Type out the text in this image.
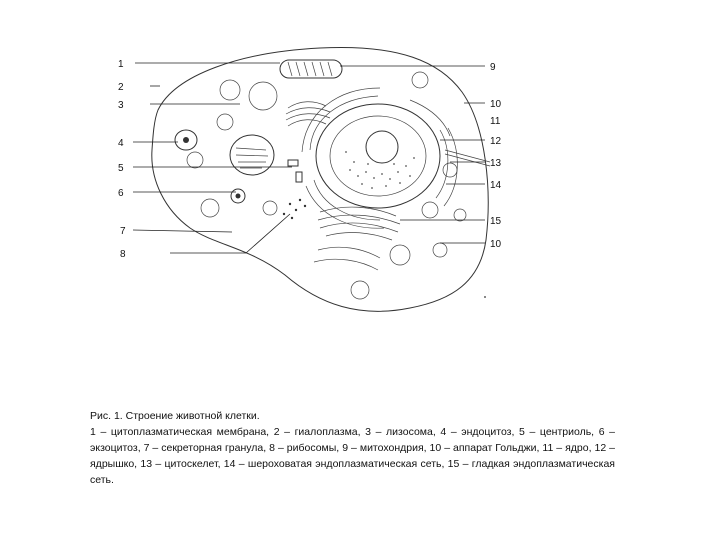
1
2
3
4
5
6
7
8
9
10
11
12
13
14
15
10
Рис. 1. Строение животной клетки.
1 – цитоплазматическая мембрана, 2 – гиалоплазма, 3 – лизосома, 4 – эндоцитоз, 5 – центриоль, 6 – экзоцитоз, 7 – секреторная гранула, 8 – рибосомы, 9 – митохондрия, 10 – аппарат Гольджи, 11 – ядро, 12 – ядрышко, 13 – цитоскелет, 14 – шероховатая эндоплазматическая сеть, 15 – гладкая эндоплазматическая сеть.
